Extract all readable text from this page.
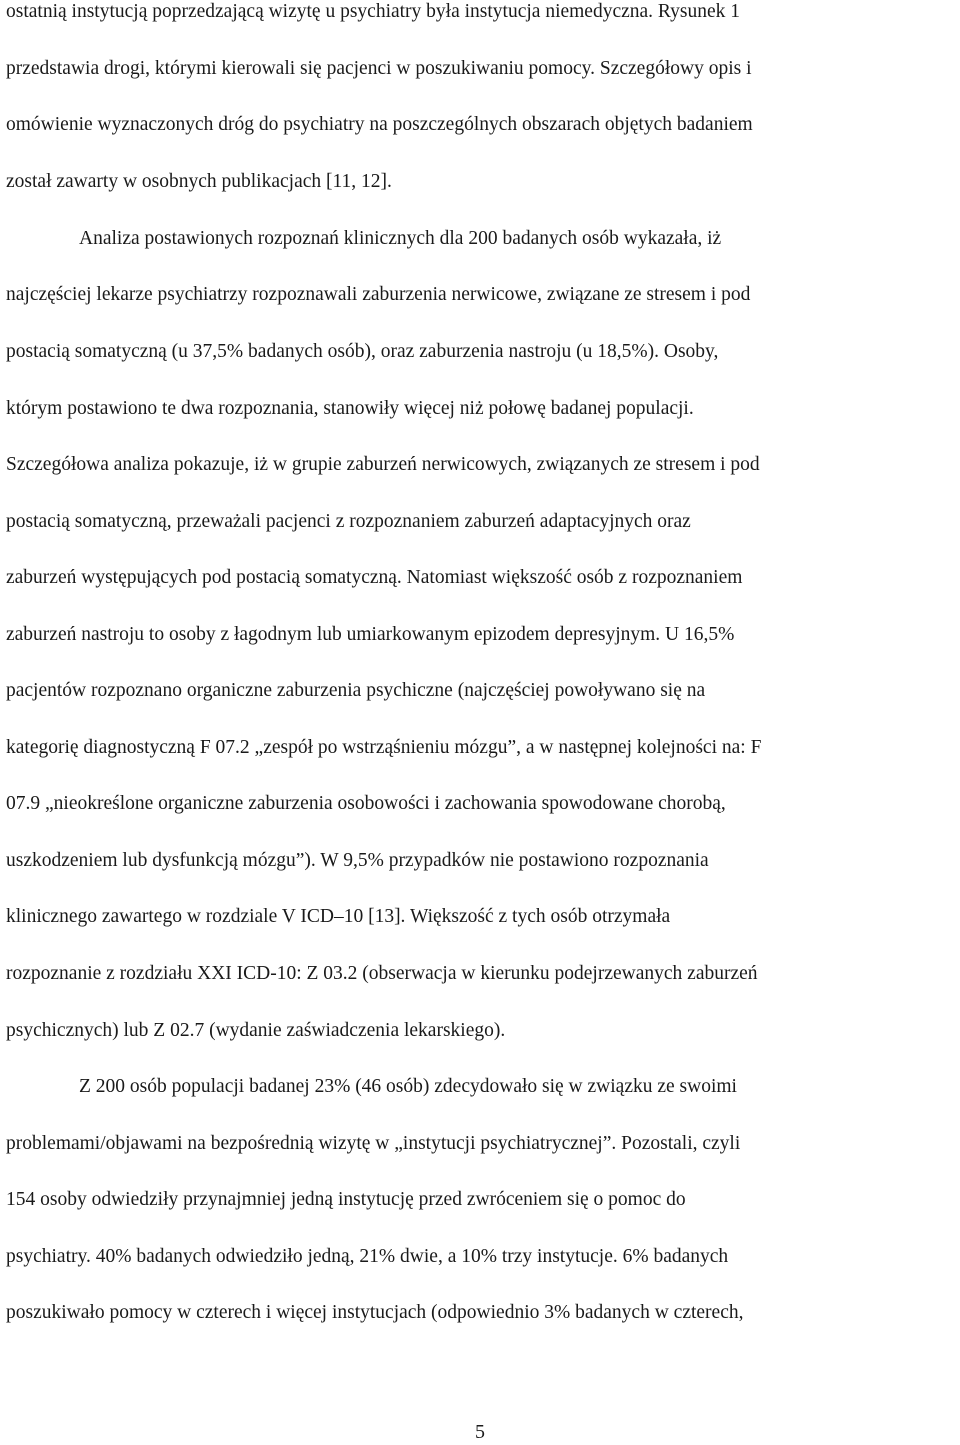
ostatnią instytucją poprzedzającą wizytę u psychiatry była instytucja niemedyczna. Rysunek 1
przedstawia drogi, którymi kierowali się pacjenci w poszukiwaniu pomocy. Szczegółowy opis i
omówienie wyznaczonych dróg do psychiatry na poszczególnych obszarach objętych badaniem
został zawarty w osobnych publikacjach [11, 12].
Analiza postawionych rozpoznań klinicznych dla 200 badanych osób wykazała, iż
najczęściej lekarze psychiatrzy rozpoznawali zaburzenia nerwicowe, związane ze stresem i pod
postacią somatyczną (u 37,5% badanych osób), oraz zaburzenia nastroju (u 18,5%). Osoby,
którym postawiono te dwa rozpoznania, stanowiły więcej niż połowę badanej populacji.
Szczegółowa analiza pokazuje, iż w grupie zaburzeń nerwicowych, związanych ze stresem i pod
postacią somatyczną, przeważali pacjenci z rozpoznaniem zaburzeń adaptacyjnych oraz
zaburzeń występujących pod postacią somatyczną. Natomiast większość osób z rozpoznaniem
zaburzeń nastroju to osoby z łagodnym lub umiarkowanym epizodem depresyjnym. U 16,5%
pacjentów rozpoznano organiczne zaburzenia psychiczne (najczęściej powoływano się na
kategorię diagnostyczną F 07.2 „zespół po wstrząśnieniu mózgu”, a w następnej kolejności na: F
07.9 „nieokreślone organiczne zaburzenia osobowości i zachowania spowodowane chorobą,
uszkodzeniem lub dysfunkcją mózgu”). W 9,5% przypadków nie postawiono rozpoznania
klinicznego zawartego w rozdziale V ICD–10 [13]. Większość z tych osób otrzymała
rozpoznanie z rozdziału XXI ICD-10: Z 03.2 (obserwacja w kierunku podejrzewanych zaburzeń
psychicznych) lub Z 02.7 (wydanie zaświadczenia lekarskiego).
Z 200 osób populacji badanej 23% (46 osób) zdecydowało się w związku ze swoimi
problemami/objawami na bezpośrednią wizytę w „instytucji psychiatrycznej”. Pozostali, czyli
154 osoby odwiedziły przynajmniej jedną instytucję przed zwróceniem się o pomoc do
psychiatry. 40% badanych odwiedziło jedną, 21% dwie, a 10% trzy instytucje. 6% badanych
poszukiwało pomocy w czterech i więcej instytucjach (odpowiednio 3% badanych w czterech,
5
